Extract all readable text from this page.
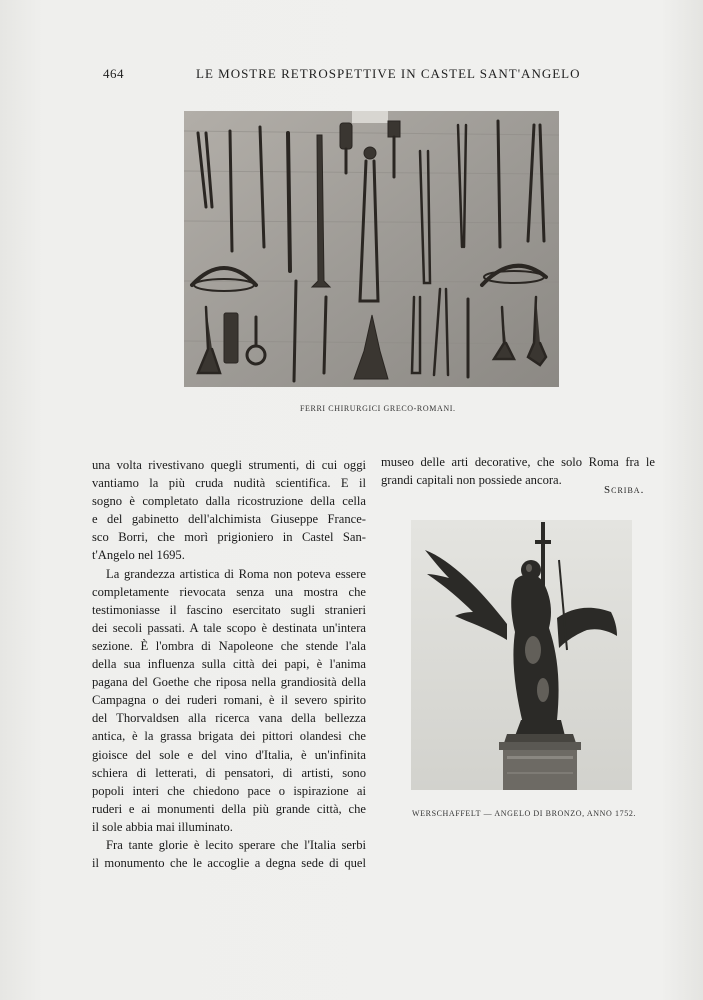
464	LE MOSTRE RETROSPETTIVE IN CASTEL SANT'ANGELO
FERRI CHIRURGICI GRECO-ROMANI.
una volta rivestivano quegli strumenti, di cui oggi
vantiamo la più cruda nudità scientifica. E il
sogno è completato dalla ricostruzione della cella
e del gabinetto dell'alchimista Giuseppe France-
sco Borri, che morì prigioniero in Castel San-
t'Angelo nel 1695.
La grandezza artistica di Roma non poteva essere
completamente rievocata senza una mostra che
testimoniasse il fascino esercitato sugli stranieri
dei secoli passati. A tale scopo è destinata un'intera
sezione. È l'ombra di Napoleone che stende l'ala
della sua influenza sulla città dei papi, è l'anima
pagana del Goethe che riposa nella grandiosità della
Campagna o dei ruderi romani, è il severo spirito
del Thorvaldsen alla ricerca vana della bellezza
antica, è la grassa brigata dei pittori olandesi che
gioisce del sole e del vino d'Italia, è un'infinita
schiera di letterati, di pensatori, di artisti, sono
popoli interi che chiedono pace o ispirazione ai
ruderi e ai monumenti della più grande città, che
il sole abbia mai illuminato.
Fra tante glorie è lecito sperare che l'Italia serbi
il monumento che le accoglie a degna sede di quel
museo delle arti decorative, che solo Roma fra le
grandi capitali non possiede ancora.
Scriba.
WERSCHAFFELT — ANGELO DI BRONZO, ANNO 1752.
